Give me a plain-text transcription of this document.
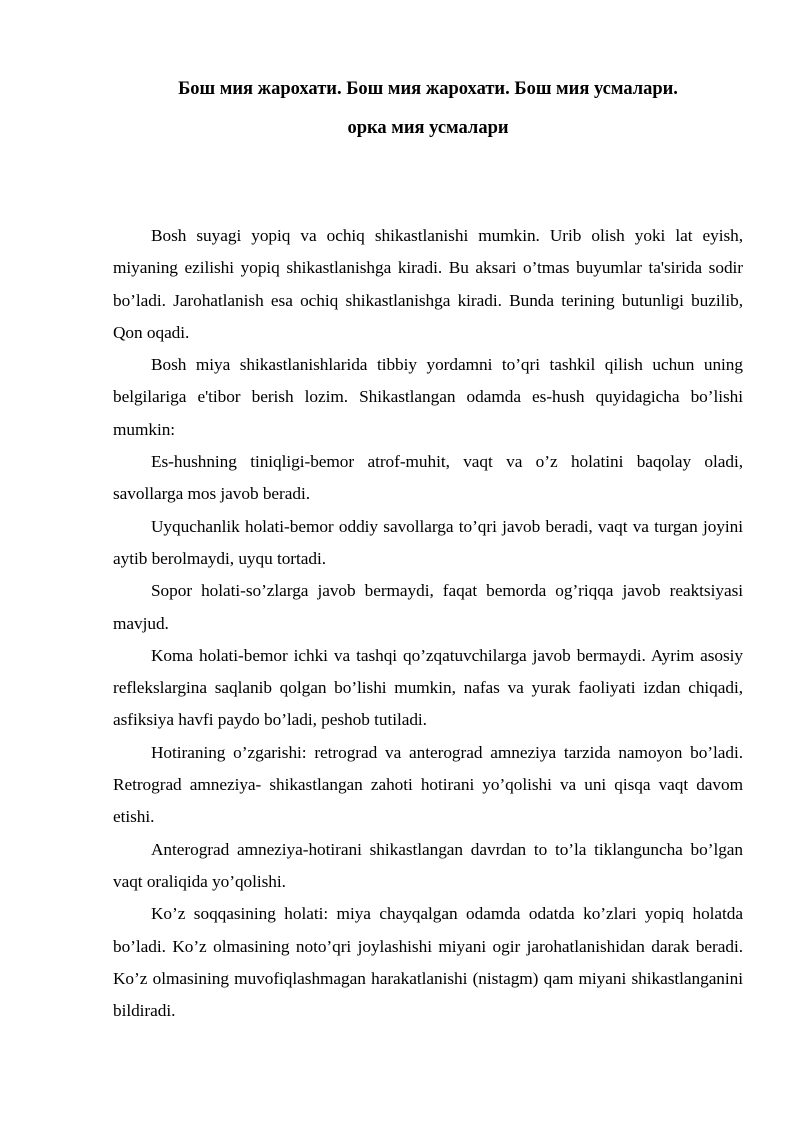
Бош мия жарохати. Бош мия жарохати. Бош мия усмалари.
орка мия усмалари

Bosh suyagi yopiq va ochiq shikastlanishi mumkin. Urib olish yoki lat eyish, miyaning ezilishi yopiq shikastlanishga kiradi. Bu aksari o’tmas buyumlar ta'sirida sodir bo’ladi. Jarohatlanish esa ochiq shikastlanishga kiradi. Bunda terining butunligi buzilib, Qon oqadi.

Bosh miya shikastlanishlarida tibbiy yordamni to’qri tashkil qilish uchun uning belgilariga e'tibor berish lozim. Shikastlangan odamda es-hush quyidagicha bo’lishi mumkin:

Es-hushning tiniqligi-bemor atrof-muhit, vaqt va o’z holatini baqolay oladi, savollarga mos javob beradi.

Uyquchanlik holati-bemor oddiy savollarga to’qri javob beradi, vaqt va turgan joyini aytib berolmaydi, uyqu tortadi.

Sopor holati-so’zlarga javob bermaydi, faqat bemorda og’riqqa javob reaktsiyasi mavjud.

Koma holati-bemor ichki va tashqi qo’zqatuvchilarga javob bermaydi. Ayrim asosiy reflekslargina saqlanib qolgan bo’lishi mumkin, nafas va yurak faoliyati izdan chiqadi, asfiksiya havfi paydo bo’ladi, peshob tutiladi.

Hotiraning o’zgarishi: retrograd va anterograd amneziya tarzida namoyon bo’ladi. Retrograd amneziya- shikastlangan zahoti hotirani yo’qolishi va uni qisqa vaqt davom etishi.

Anterograd amneziya-hotirani shikastlangan davrdan to to’la tiklanguncha bo’lgan vaqt oraliqida yo’qolishi.

Ko’z soqqasining holati: miya chayqalgan odamda odatda ko’zlari yopiq holatda bo’ladi. Ko’z olmasining noto’qri joylashishi miyani ogir jarohatlanishidan darak beradi. Ko’z olmasining muvofiqlashmagan harakatlanishi (nistagm) qam miyani shikastlanganini bildiradi.
